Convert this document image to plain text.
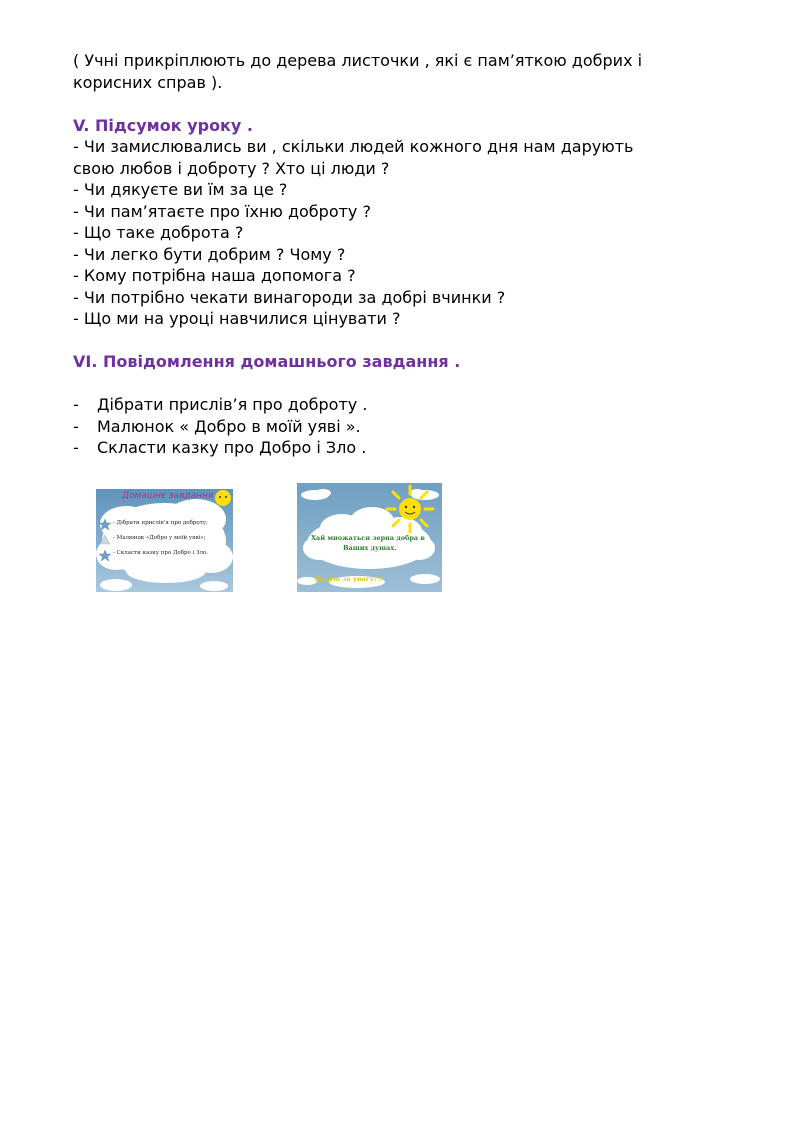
( Учні прикріплюють до дерева листочки , які є пам’яткою добрих і
корисних справ ).
V. Підсумок уроку .
- Чи замислювались ви , скільки людей кожного дня нам дарують
свою любов і доброту ? Хто ці люди ?
- Чи дякуєте ви їм за це ?
- Чи пам’ятаєте про їхню доброту ?
- Що таке доброта ?
- Чи легко бути добрим ? Чому ?
- Кому потрібна наша допомога ?
- Чи потрібно чекати винагороди за добрі вчинки ?
- Що ми на уроці навчилися цінувати ?
VI. Повідомлення домашнього завдання .
-	Дібрати прислів’я про доброту .
-	Малюнок « Добро в моїй уяві ».
-	Скласти казку про Добро і Зло .
Домашнє завдання
- Дібрати прислів’я про доброту;
- Малюнок «Добро у моїй уяві»;
- Скласти казку про Добро і Зло.
Хай множаться зерна добра в
Ваших душах.
Дякую за увагу!!!
